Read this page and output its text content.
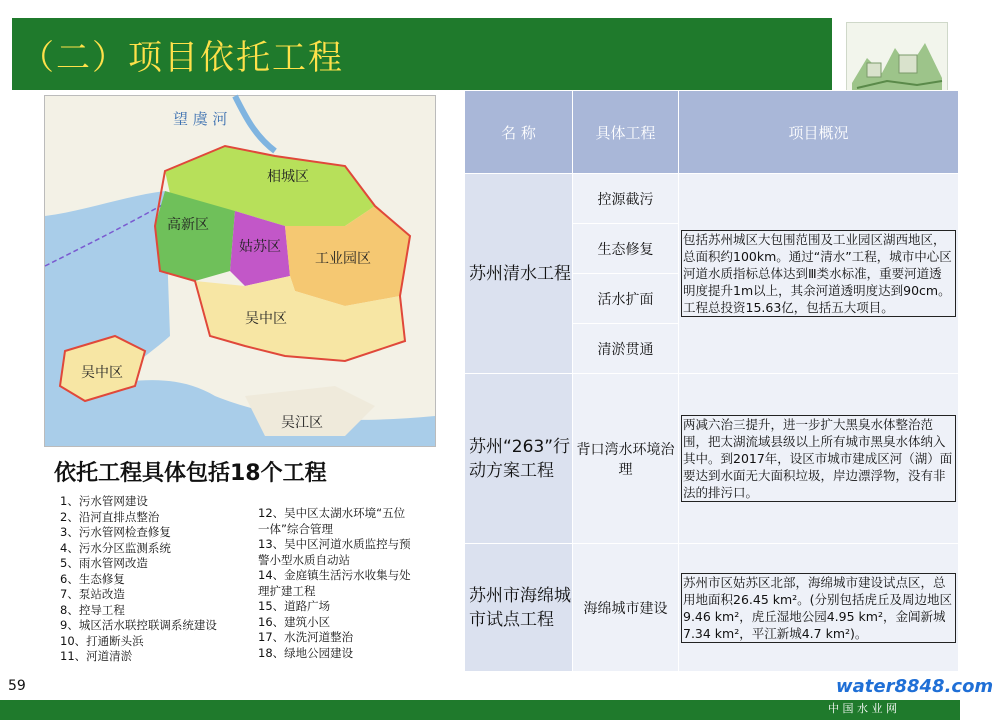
（二）项目依托工程
望 虞 河
相城区
高新区
姑苏区
工业园区
吴中区
吴中区
吴江区
依托工程具体包括18个工程
1、污水管网建设
2、沿河直排点整治
3、污水管网检查修复
4、污水分区监测系统
5、雨水管网改造
6、生态修复
7、泵站改造
8、控导工程
9、城区活水联控联调系统建设
10、打通断头浜
11、河道清淤
12、吴中区太湖水环境“五位
一体”综合管理
13、吴中区河道水质监控与预
警小型水质自动站
14、金庭镇生活污水收集与处
理扩建工程
15、道路广场
16、建筑小区
17、水洗河道整治
18、绿地公园建设
名 称	具体工程	项目概况
苏州清水工程	控源截污	包括苏州城区大包围范围及工业园区湖西地区，总面积约100km。通过“清水”工程，城市中心区河道水质指标总体达到Ⅲ类水标准，重要河道透明度提升1m以上，其余河道透明度达到90cm。工程总投资15.63亿，包括五大项目。

	生态修复	
	活水扩面	
	清淤贯通	
苏州“263”行动方案工程	背口湾水环境治理	两减六治三提升，进一步扩大黑臭水体整治范围，把太湖流域县级以上所有城市黑臭水体纳入其中。到2017年，设区市城市建成区河（湖）面要达到水面无大面积垃圾，岸边漂浮物，没有非法的排污口。

苏州市海绵城市试点工程	海绵城市建设	苏州市区姑苏区北部，海绵城市建设试点区，总用地面积26.45 km²。(分别包括虎丘及周边地区9.46 km²，虎丘湿地公园4.95 km²，金阊新城7.34 km²，平江新城4.7 km²)。
59	water8848.com
中 国 水 业 网
